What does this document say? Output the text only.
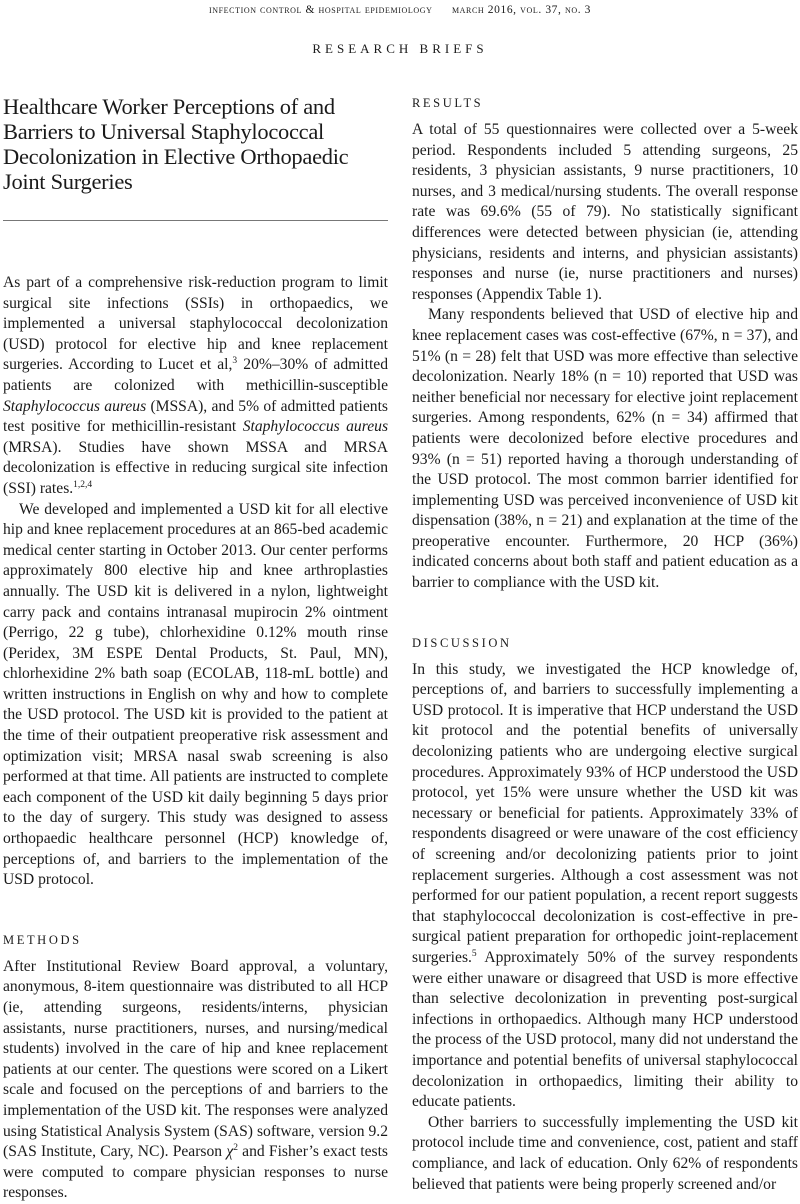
infection control & hospital epidemiology march 2016, vol. 37, no. 3
RESEARCH BRIEFS
Healthcare Worker Perceptions of and Barriers to Universal Staphylococcal Decolonization in Elective Orthopaedic Joint Surgeries

As part of a comprehensive risk-reduction program to limit surgical site infections (SSIs) in orthopaedics, we implemented a universal staphylococcal decolonization (USD) protocol for elective hip and knee replacement surgeries. According to Lucet et al,$^3$ 20%–30% of admitted patients are colonized with methicillin-susceptible Staphylococcus aureus (MSSA), and 5% of admitted patients test positive for methicillin-resistant Staphylococcus aureus (MRSA). Studies have shown MSSA and MRSA decolonization is effective in reducing surgical site infection (SSI) rates.$^{1,2,4}$

We developed and implemented a USD kit for all elective hip and knee replacement procedures at an 865-bed academic medical center starting in October 2013. Our center performs approximately 800 elective hip and knee arthroplasties annually. The USD kit is delivered in a nylon, lightweight carry pack and contains intranasal mupirocin 2% ointment (Perrigo, 22 g tube), chlorhexidine 0.12% mouth rinse (Peridex, 3M ESPE Dental Products, St. Paul, MN), chlorhexidine 2% bath soap (ECOLAB, 118-mL bottle) and written instructions in English on why and how to complete the USD protocol. The USD kit is provided to the patient at the time of their outpatient preoperative risk assessment and optimization visit; MRSA nasal swab screening is also performed at that time. All patients are instructed to complete each component of the USD kit daily beginning 5 days prior to the day of surgery. This study was designed to assess orthopaedic healthcare personnel (HCP) knowledge of, perceptions of, and barriers to the implementation of the USD protocol.

METHODS

After Institutional Review Board approval, a voluntary, anonymous, 8-item questionnaire was distributed to all HCP (ie, attending surgeons, residents/interns, physician assistants, nurse practitioners, nurses, and nursing/medical students) involved in the care of hip and knee replacement patients at our center. The questions were scored on a Likert scale and focused on the perceptions of and barriers to the implementation of the USD kit. The responses were analyzed using Statistical Analysis System (SAS) software, version 9.2 (SAS Institute, Cary, NC). Pearson $\chi^2$ and Fisher’s exact tests were computed to compare physician responses to nurse responses.

RESULTS

A total of 55 questionnaires were collected over a 5-week period. Respondents included 5 attending surgeons, 25 residents, 3 physician assistants, 9 nurse practitioners, 10 nurses, and 3 medical/nursing students. The overall response rate was 69.6% (55 of 79). No statistically significant differences were detected between physician (ie, attending physicians, residents and interns, and physician assistants) responses and nurse (ie, nurse practitioners and nurses) responses (Appendix Table 1).

Many respondents believed that USD of elective hip and knee replacement cases was cost-effective (67%, n = 37), and 51% (n = 28) felt that USD was more effective than selective decolonization. Nearly 18% (n = 10) reported that USD was neither beneficial nor necessary for elective joint replacement surgeries. Among respondents, 62% (n = 34) affirmed that patients were decolonized before elective procedures and 93% (n = 51) reported having a thorough understanding of the USD protocol. The most common barrier identified for implementing USD was perceived inconvenience of USD kit dispensation (38%, n = 21) and explanation at the time of the preoperative encounter. Furthermore, 20 HCP (36%) indicated concerns about both staff and patient education as a barrier to compliance with the USD kit.

DISCUSSION

In this study, we investigated the HCP knowledge of, perceptions of, and barriers to successfully implementing a USD protocol. It is imperative that HCP understand the USD kit protocol and the potential benefits of universally decolonizing patients who are undergoing elective surgical procedures. Approximately 93% of HCP understood the USD protocol, yet 15% were unsure whether the USD kit was necessary or beneficial for patients. Approximately 33% of respondents disagreed or were unaware of the cost efficiency of screening and/or decolonizing patients prior to joint replacement surgeries. Although a cost assessment was not performed for our patient population, a recent report suggests that staphylococcal decolonization is cost-effective in pre-surgical patient preparation for orthopedic joint-replacement surgeries.$^5$ Approximately 50% of the survey respondents were either unaware or disagreed that USD is more effective than selective decolonization in preventing post-surgical infections in orthopaedics. Although many HCP understood the process of the USD protocol, many did not understand the importance and potential benefits of universal staphylococcal decolonization in orthopaedics, limiting their ability to educate patients.

Other barriers to successfully implementing the USD kit protocol include time and convenience, cost, patient and staff compliance, and lack of education. Only 62% of respondents believed that patients were being properly screened and/or
